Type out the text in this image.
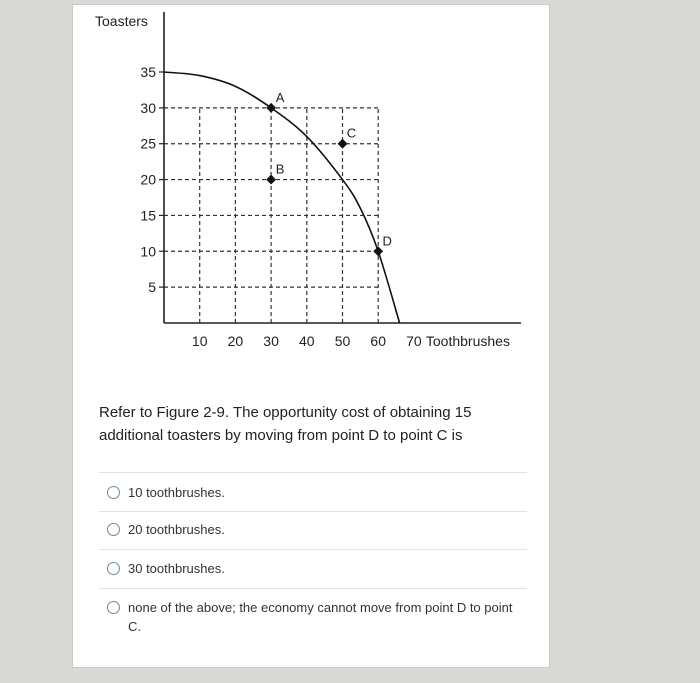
5
10
15
20
25
30
35
10 20 30 40 50 60 70
Toasters
Toothbrushes
A
B
C
D
Refer to Figure 2-9. The opportunity cost of obtaining 15 additional toasters by moving from point D to point C is
10 toothbrushes.
20 toothbrushes.
30 toothbrushes.
none of the above; the economy cannot move from point D to point C.
